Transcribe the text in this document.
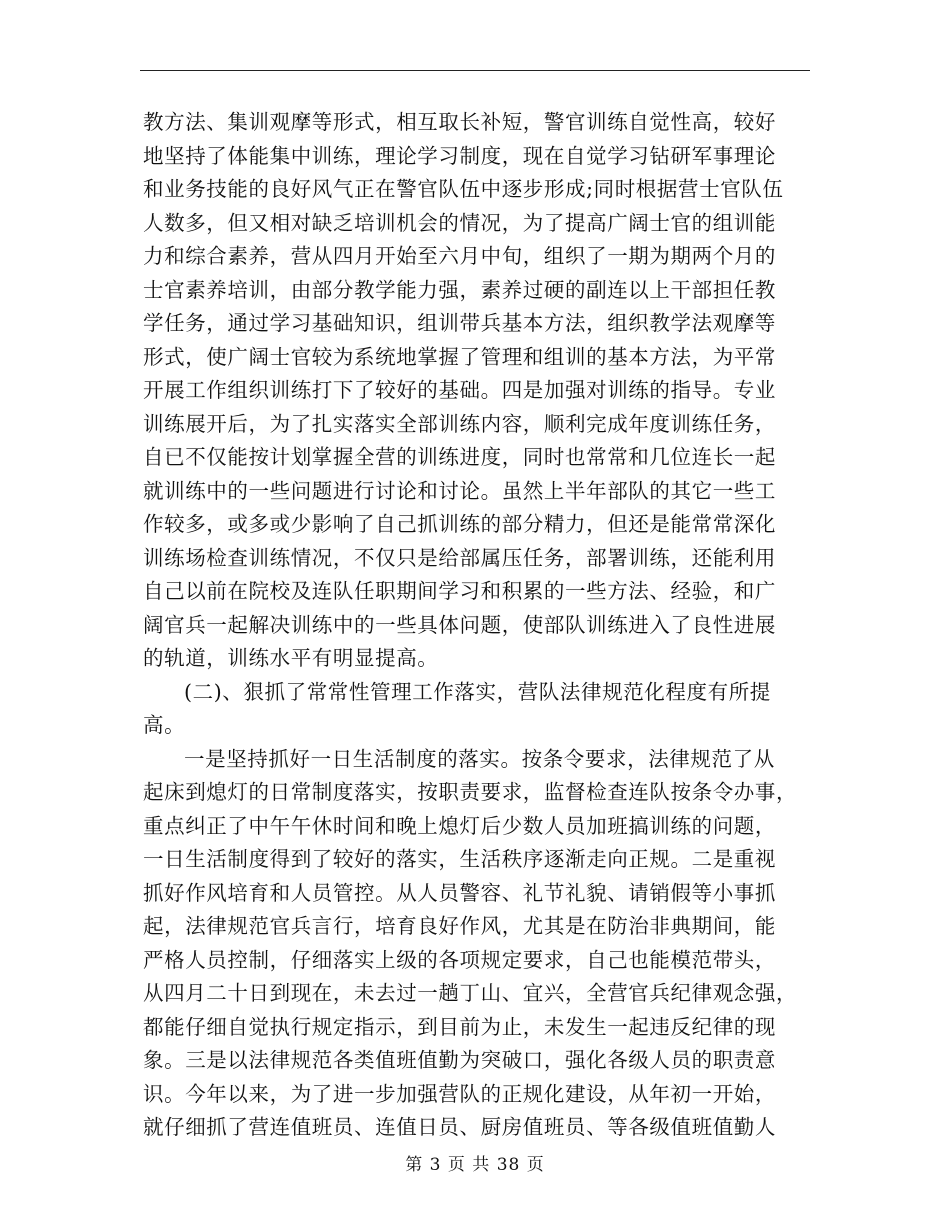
教方法、集训观摩等形式，相互取长补短，警官训练自觉性高，较好
地坚持了体能集中训练，理论学习制度，现在自觉学习钻研军事理论
和业务技能的良好风气正在警官队伍中逐步形成;同时根据营士官队伍
人数多，但又相对缺乏培训机会的情况，为了提高广阔士官的组训能
力和综合素养，营从四月开始至六月中旬，组织了一期为期两个月的
士官素养培训，由部分教学能力强，素养过硬的副连以上干部担任教
学任务，通过学习基础知识，组训带兵基本方法，组织教学法观摩等
形式，使广阔士官较为系统地掌握了管理和组训的基本方法，为平常
开展工作组织训练打下了较好的基础。四是加强对训练的指导。专业
训练展开后，为了扎实落实全部训练内容，顺利完成年度训练任务，
自已不仅能按计划掌握全营的训练进度，同时也常常和几位连长一起
就训练中的一些问题进行讨论和讨论。虽然上半年部队的其它一些工
作较多，或多或少影响了自己抓训练的部分精力，但还是能常常深化
训练场检查训练情况，不仅只是给部属压任务，部署训练，还能利用
自己以前在院校及连队任职期间学习和积累的一些方法、经验，和广
阔官兵一起解决训练中的一些具体问题，使部队训练进入了良性进展
的轨道，训练水平有明显提高。
(二)、狠抓了常常性管理工作落实，营队法律规范化程度有所提
高。
一是坚持抓好一日生活制度的落实。按条令要求，法律规范了从
起床到熄灯的日常制度落实，按职责要求，监督检查连队按条令办事，
重点纠正了中午午休时间和晚上熄灯后少数人员加班搞训练的问题，
一日生活制度得到了较好的落实，生活秩序逐渐走向正规。二是重视
抓好作风培育和人员管控。从人员警容、礼节礼貌、请销假等小事抓
起，法律规范官兵言行，培育良好作风，尤其是在防治非典期间，能
严格人员控制，仔细落实上级的各项规定要求，自己也能模范带头，
从四月二十日到现在，未去过一趟丁山、宜兴，全营官兵纪律观念强，
都能仔细自觉执行规定指示，到目前为止，未发生一起违反纪律的现
象。三是以法律规范各类值班值勤为突破口，强化各级人员的职责意
识。今年以来，为了进一步加强营队的正规化建设，从年初一开始，
就仔细抓了营连值班员、连值日员、厨房值班员、等各级值班值勤人
第 3 页 共 38 页
